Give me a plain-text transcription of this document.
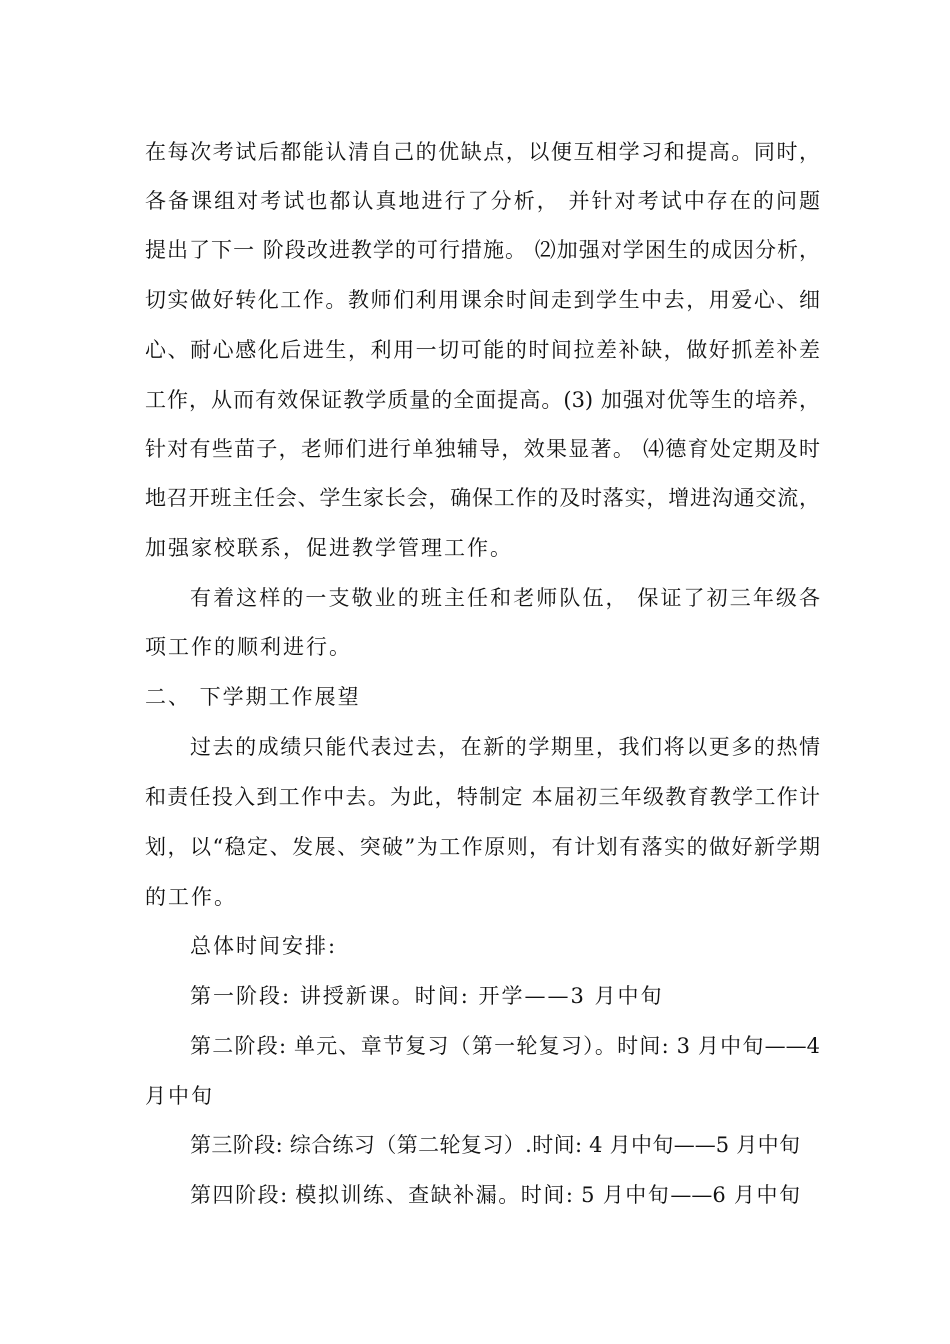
在每次考试后都能认清自己的优缺点，以便互相学习和提高。同时，
各备课组对考试也都认真地进行了分析， 并针对考试中存在的问题
提出了下一 阶段改进教学的可行措施。 ⑵加强对学困生的成因分析，
切实做好转化工作。教师们利用课余时间走到学生中去，用爱心、细
心、耐心感化后进生，利用一切可能的时间拉差补缺，做好抓差补差
工作，从而有效保证教学质量的全面提高。(3) 加强对优等生的培养，
针对有些苗子，老师们进行单独辅导，效果显著。 ⑷德育处定期及时
地召开班主任会、学生家长会，确保工作的及时落实，增进沟通交流，
加强家校联系，促进教学管理工作。
有着这样的一支敬业的班主任和老师队伍， 保证了初三年级各
项工作的顺利进行。
二、 下学期工作展望
过去的成绩只能代表过去，在新的学期里，我们将以更多的热情
和责任投入到工作中去。为此，特制定 本届初三年级教育教学工作计
划，以“稳定、发展、突破”为工作原则，有计划有落实的做好新学期
的工作。
总体时间安排:
第一阶段: 讲授新课。时间: 开学——3 月中旬
第二阶段: 单元、章节复习（第一轮复习）。时间: 3 月中旬——4
月中旬
第三阶段: 综合练习（第二轮复习）.时间: 4 月中旬——5 月中旬
第四阶段: 模拟训练、查缺补漏。时间: 5 月中旬——6 月中旬
